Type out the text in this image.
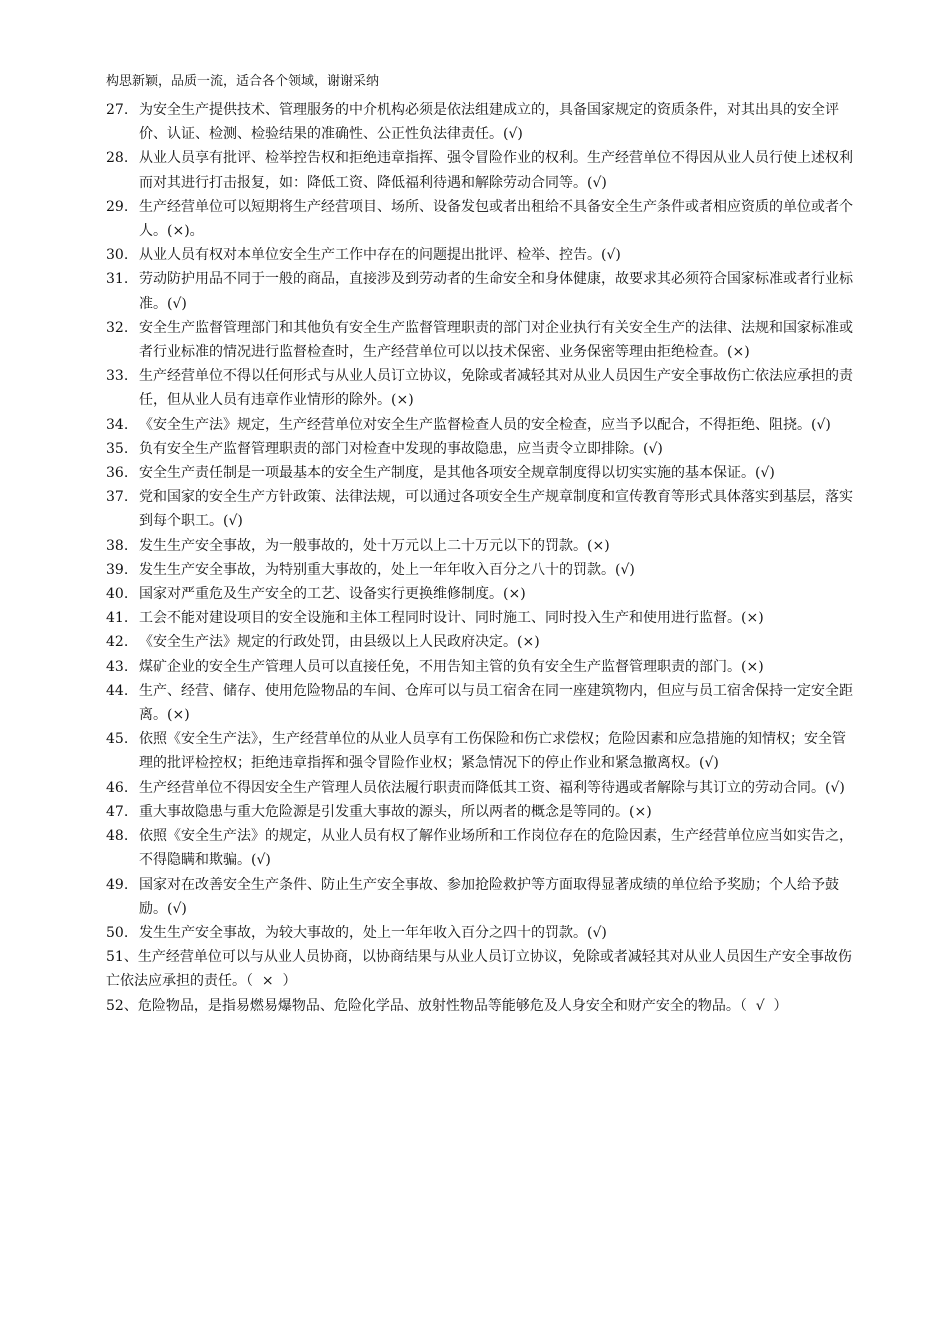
构思新颖，品质一流，适合各个领域，谢谢采纳
27. 为安全生产提供技术、管理服务的中介机构必须是依法组建成立的，具备国家规定的资质条件，对其出具的安全评价、认证、检测、检验结果的准确性、公正性负法律责任。(√)
28. 从业人员享有批评、检举控告权和拒绝违章指挥、强令冒险作业的权利。生产经营单位不得因从业人员行使上述权利而对其进行打击报复，如：降低工资、降低福利待遇和解除劳动合同等。(√)
29. 生产经营单位可以短期将生产经营项目、场所、设备发包或者出租给不具备安全生产条件或者相应资质的单位或者个人。(×)。
30. 从业人员有权对本单位安全生产工作中存在的问题提出批评、检举、控告。(√)
31. 劳动防护用品不同于一般的商品，直接涉及到劳动者的生命安全和身体健康，故要求其必须符合国家标准或者行业标准。(√)
32. 安全生产监督管理部门和其他负有安全生产监督管理职责的部门对企业执行有关安全生产的法律、法规和国家标准或者行业标准的情况进行监督检查时，生产经营单位可以以技术保密、业务保密等理由拒绝检查。(×)
33. 生产经营单位不得以任何形式与从业人员订立协议，免除或者减轻其对从业人员因生产安全事故伤亡依法应承担的责任，但从业人员有违章作业情形的除外。(×)
34. 《安全生产法》规定，生产经营单位对安全生产监督检查人员的安全检查，应当予以配合，不得拒绝、阻挠。(√)
35. 负有安全生产监督管理职责的部门对检查中发现的事故隐患，应当责令立即排除。(√)
36. 安全生产责任制是一项最基本的安全生产制度，是其他各项安全规章制度得以切实实施的基本保证。(√)
37. 党和国家的安全生产方针政策、法律法规，可以通过各项安全生产规章制度和宣传教育等形式具体落实到基层，落实到每个职工。(√)
38. 发生生产安全事故，为一般事故的，处十万元以上二十万元以下的罚款。(×)
39. 发生生产安全事故，为特别重大事故的，处上一年年收入百分之八十的罚款。(√)
40. 国家对严重危及生产安全的工艺、设备实行更换维修制度。(×)
41. 工会不能对建设项目的安全设施和主体工程同时设计、同时施工、同时投入生产和使用进行监督。(×)
42. 《安全生产法》规定的行政处罚，由县级以上人民政府决定。(×)
43. 煤矿企业的安全生产管理人员可以直接任免，不用告知主管的负有安全生产监督管理职责的部门。(×)
44. 生产、经营、储存、使用危险物品的车间、仓库可以与员工宿舍在同一座建筑物内，但应与员工宿舍保持一定安全距离。(×)
45. 依照《安全生产法》，生产经营单位的从业人员享有工伤保险和伤亡求偿权；危险因素和应急措施的知情权；安全管理的批评检控权；拒绝违章指挥和强令冒险作业权；紧急情况下的停止作业和紧急撤离权。(√)
46. 生产经营单位不得因安全生产管理人员依法履行职责而降低其工资、福利等待遇或者解除与其订立的劳动合同。(√)
47. 重大事故隐患与重大危险源是引发重大事故的源头，所以两者的概念是等同的。(×)
48. 依照《安全生产法》的规定，从业人员有权了解作业场所和工作岗位存在的危险因素，生产经营单位应当如实告之，不得隐瞒和欺骗。(√)
49. 国家对在改善安全生产条件、防止生产安全事故、参加抢险救护等方面取得显著成绩的单位给予奖励；个人给予鼓励。(√)
50. 发生生产安全事故，为较大事故的，处上一年年收入百分之四十的罚款。(√)
51、生产经营单位可以与从业人员协商，以协商结果与从业人员订立协议，免除或者减轻其对从业人员因生产安全事故伤亡依法应承担的责任。（  ×  ）
52、危险物品，是指易燃易爆物品、危险化学品、放射性物品等能够危及人身安全和财产安全的物品。（  √  ）
